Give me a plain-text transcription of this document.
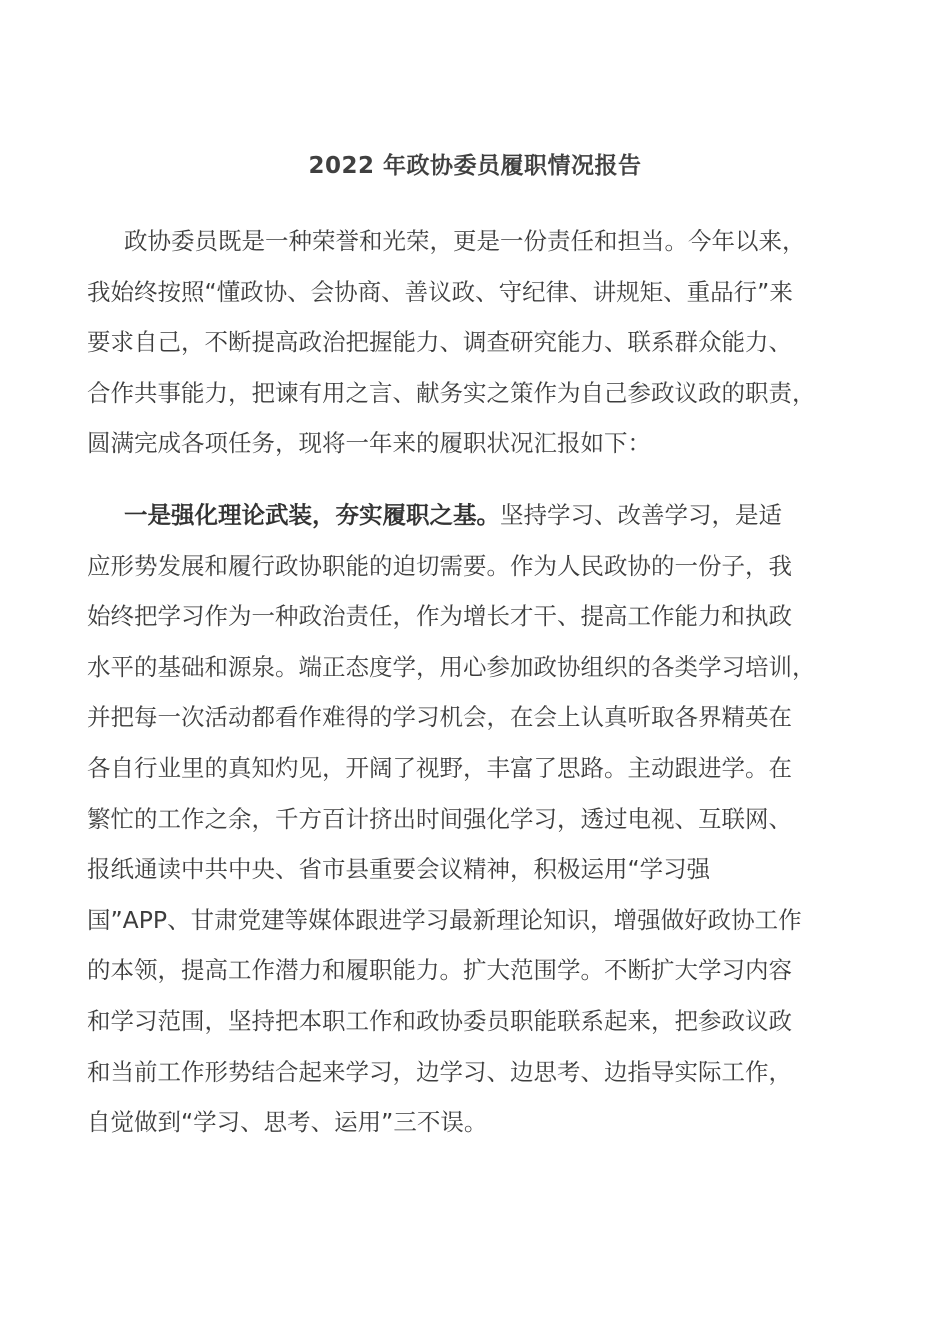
2022 年政协委员履职情况报告
政协委员既是一种荣誉和光荣，更是一份责任和担当。今年以来，
我始终按照“懂政协、会协商、善议政、守纪律、讲规矩、重品行”来
要求自己，不断提高政治把握能力、调查研究能力、联系群众能力、
合作共事能力，把谏有用之言、献务实之策作为自己参政议政的职责，
圆满完成各项任务，现将一年来的履职状况汇报如下：
一是强化理论武装，夯实履职之基。坚持学习、改善学习，是适
应形势发展和履行政协职能的迫切需要。作为人民政协的一份子，我
始终把学习作为一种政治责任，作为增长才干、提高工作能力和执政
水平的基础和源泉。端正态度学，用心参加政协组织的各类学习培训，
并把每一次活动都看作难得的学习机会，在会上认真听取各界精英在
各自行业里的真知灼见，开阔了视野，丰富了思路。主动跟进学。在
繁忙的工作之余，千方百计挤出时间强化学习，透过电视、互联网、
报纸通读中共中央、省市县重要会议精神，积极运用“学习强
国”APP、甘肃党建等媒体跟进学习最新理论知识，增强做好政协工作
的本领，提高工作潜力和履职能力。扩大范围学。不断扩大学习内容
和学习范围，坚持把本职工作和政协委员职能联系起来，把参政议政
和当前工作形势结合起来学习，边学习、边思考、边指导实际工作，
自觉做到“学习、思考、运用”三不误。
